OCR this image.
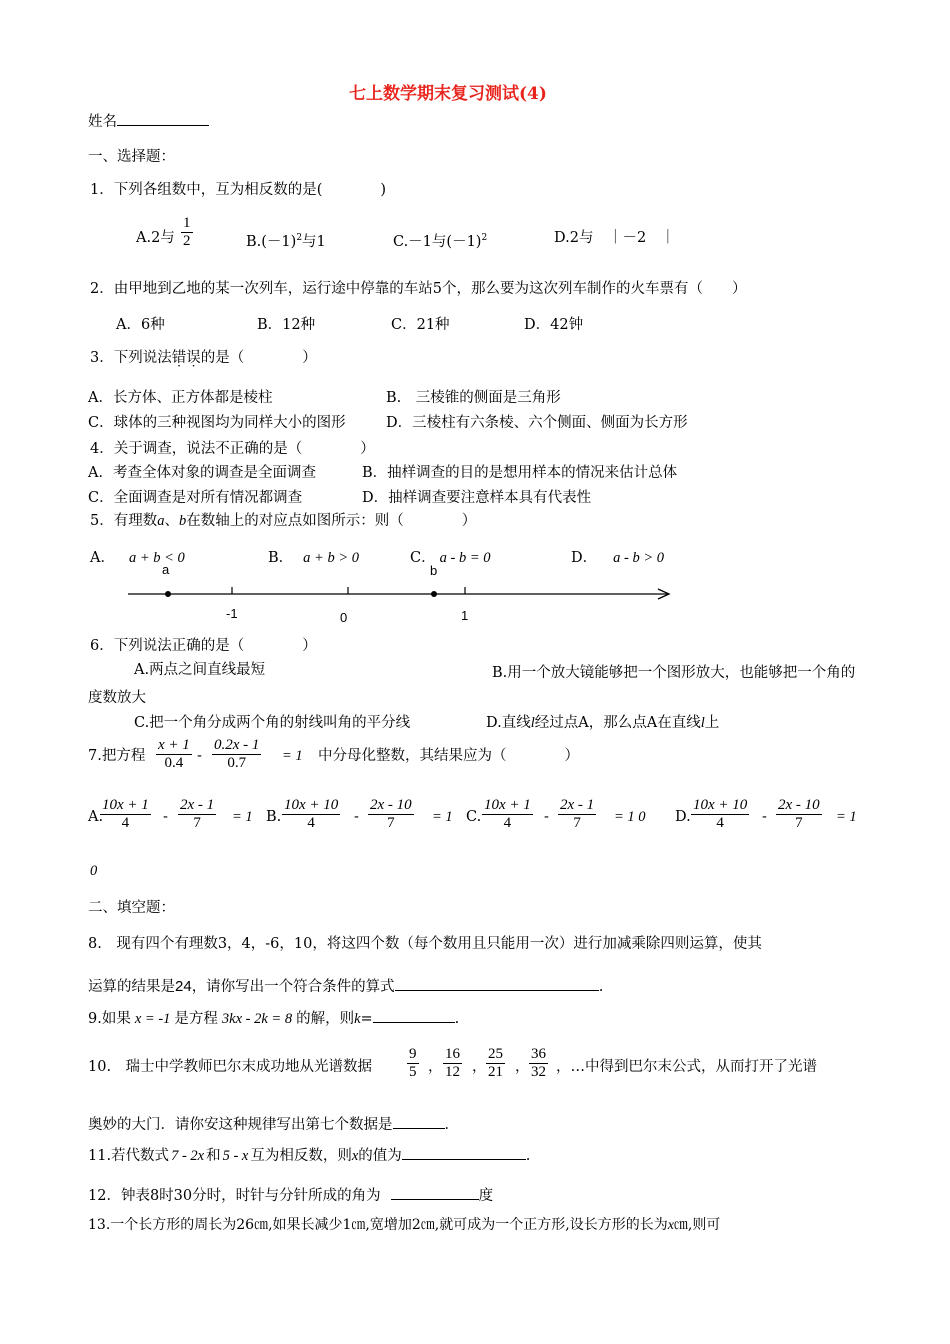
七上数学期末复习测试(4)
姓名
一、选择题：
1．下列各组数中，互为相反数的是(　　　　)
A.2与 $\frac{1}{2}$	$B.(-1)^2$与1	C.－1与$(-1)^2$	D.2与　｜－2　｜
2．由甲地到乙地的某一次列车，运行途中停靠的车站5个，那么要为这次列车制作的火车票有（　　）
A．6种	B．12种	C．21种	D．42钟
3．下列说法错误的是（　　　　）
A．长方体、正方体都是棱柱	B.　三棱锥的侧面是三角形
C．球体的三种视图均为同样大小的图形	D．三棱柱有六条棱、六个侧面、侧面为长方形
4．关于调查，说法不正确的是（　　　　）
A．考查全体对象的调查是全面调查	B．抽样调查的目的是想用样本的情况来估计总体
C．全面调查是对所有情况都调查	D．抽样调查要注意样本具有代表性
5．有理数a、b在数轴上的对应点如图所示：则（　　　　）
A． a + b < 0	B． a + b > 0	C． a - b = 0	D． a - b > 0
a	b
-1	0	1
6．下列说法正确的是（　　　　）
A.两点之间直线最短	B.用一个放大镜能够把一个图形放大，也能够把一个角的度数放大
C.把一个角分成两个角的射线叫角的平分线	D.直线l经过点A，那么点A在直线l上
7.把方程 $\frac{x + 1}{0.4} - \frac{0.2x - 1}{0.7} = 1$ 中分母化整数，其结果应为（　　　　）
A.
$\frac{10x + 1}{4} - \frac{2x - 1}{7} = 1$ B. $\frac{10x + 10}{4} - \frac{2x - 10}{7} = 1$ C. $\frac{10x + 1}{4} - \frac{2x - 1}{7} = 1$ 0 D. $\frac{10x + 10}{4} - \frac{2x - 10}{7} = 1$
0
二、填空题：
8.　现有四个有理数3，4，-6，10，将这四个数（每个数用且只能用一次）进行加减乘除四则运算，使其
运算的结果是24，请你写出一个符合条件的算式	.
9.如果 x = -1 是方程 3kx - 2k = 8 的解，则k=	.
10.　瑞士中学教师巴尔末成功地从光谱数据 $\frac{9}{5}$ ， $\frac{16}{12}$ ， $\frac{25}{21}$ ， $\frac{36}{32}$ ，…中得到巴尔末公式，从而打开了光谱
奥妙的大门．请你安这种规律写出第七个数据是	．
11.若代数式 7 - 2x 和 5 - x 互为相反数，则x的值为	.
12．钟表8时30分时，时针与分针所成的角为	度
13.一个长方形的周长为26㎝,如果长减少1㎝,宽增加2㎝,就可成为一个正方形,设长方形的长为x㎝,则可
